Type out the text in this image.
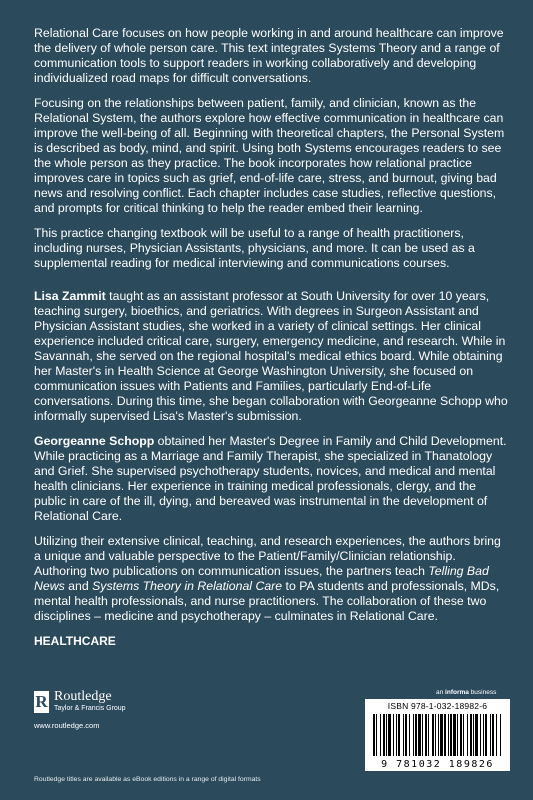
Relational Care focuses on how people working in and around healthcare can improve the delivery of whole person care. This text integrates Systems Theory and a range of communication tools to support readers in working collaboratively and developing individualized road maps for difficult conversations.

Focusing on the relationships between patient, family, and clinician, known as the Relational System, the authors explore how effective communication in healthcare can improve the well-being of all. Beginning with theoretical chapters, the Personal System is described as body, mind, and spirit. Using both Systems encourages readers to see the whole person as they practice. The book incorporates how relational practice improves care in topics such as grief, end-of-life care, stress, and burnout, giving bad news and resolving conflict. Each chapter includes case studies, reflective questions, and prompts for critical thinking to help the reader embed their learning.

This practice changing textbook will be useful to a range of health practitioners, including nurses, Physician Assistants, physicians, and more. It can be used as a supplemental reading for medical interviewing and communications courses.

Lisa Zammit taught as an assistant professor at South University for over 10 years, teaching surgery, bioethics, and geriatrics. With degrees in Surgeon Assistant and Physician Assistant studies, she worked in a variety of clinical settings. Her clinical experience included critical care, surgery, emergency medicine, and research. While in Savannah, she served on the regional hospital's medical ethics board. While obtaining her Master's in Health Science at George Washington University, she focused on communication issues with Patients and Families, particularly End-of-Life conversations. During this time, she began collaboration with Georgeanne Schopp who informally supervised Lisa's Master's submission.

Georgeanne Schopp obtained her Master's Degree in Family and Child Development. While practicing as a Marriage and Family Therapist, she specialized in Thanatology and Grief. She supervised psychotherapy students, novices, and medical and mental health clinicians. Her experience in training medical professionals, clergy, and the public in care of the ill, dying, and bereaved was instrumental in the development of Relational Care.

Utilizing their extensive clinical, teaching, and research experiences, the authors bring a unique and valuable perspective to the Patient/Family/Clinician relationship. Authoring two publications on communication issues, the partners teach Telling Bad News and Systems Theory in Relational Care to PA students and professionals, MDs, mental health professionals, and nurse practitioners. The collaboration of these two disciplines – medicine and psychotherapy – culminates in Relational Care.

HEALTHCARE
R Routledge
Taylor & Francis Group
www.routledge.com
an informa business
ISBN 978-1-032-18982-6
9 781032 189826
Routledge titles are available as eBook editions in a range of digital formats
